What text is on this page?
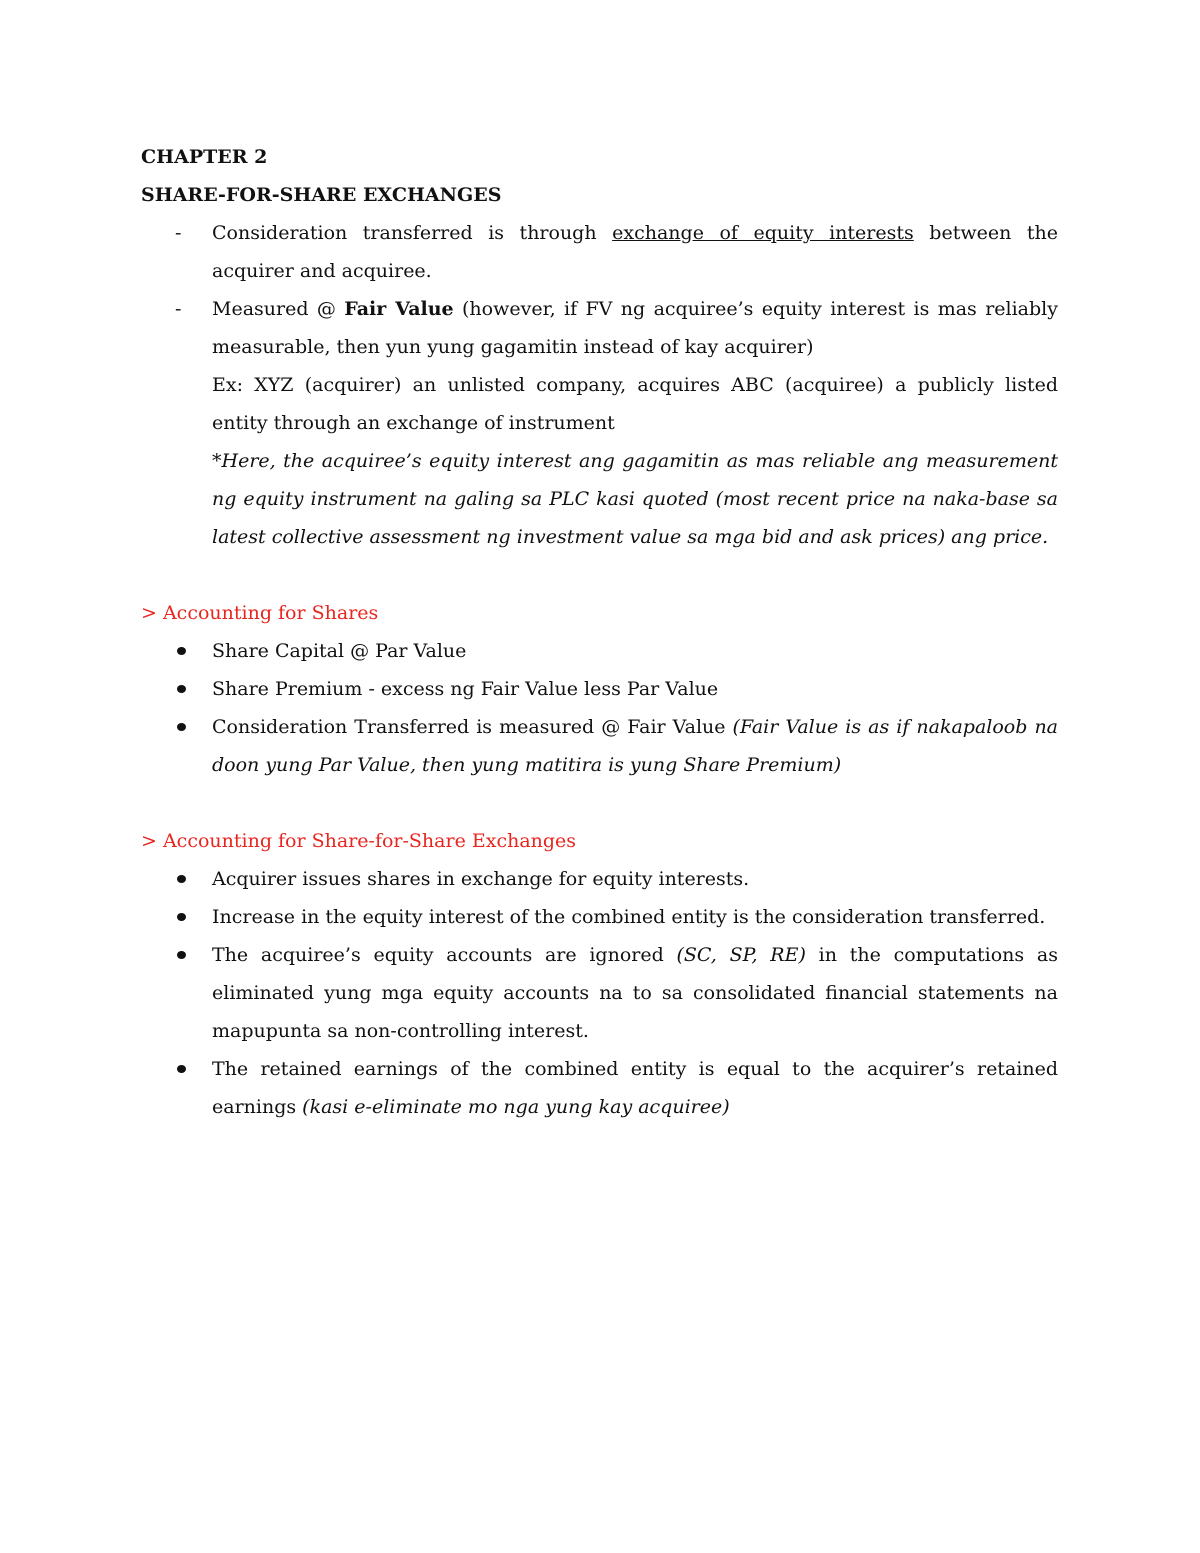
CHAPTER 2

SHARE-FOR-SHARE EXCHANGES

- Consideration transferred is through exchange of equity interests between the acquirer and acquiree.
- Measured @ Fair Value (however, if FV ng acquiree’s equity interest is mas reliably measurable, then yun yung gagamitin instead of kay acquirer)
Ex: XYZ (acquirer) an unlisted company, acquires ABC (acquiree) a publicly listed entity through an exchange of instrument
*Here, the acquiree’s equity interest ang gagamitin as mas reliable ang measurement ng equity instrument na galing sa PLC kasi quoted (most recent price na naka-base sa latest collective assessment ng investment value sa mga bid and ask prices) ang price.

> Accounting for Shares

Share Capital @ Par Value
Share Premium - excess ng Fair Value less Par Value
Consideration Transferred is measured @ Fair Value (Fair Value is as if nakapaloob na doon yung Par Value, then yung matitira is yung Share Premium)

> Accounting for Share-for-Share Exchanges

Acquirer issues shares in exchange for equity interests.
Increase in the equity interest of the combined entity is the consideration transferred.
The acquiree’s equity accounts are ignored (SC, SP, RE) in the computations as eliminated yung mga equity accounts na to sa consolidated financial statements na mapupunta sa non-controlling interest.
The retained earnings of the combined entity is equal to the acquirer’s retained earnings (kasi e-eliminate mo nga yung kay acquiree)
